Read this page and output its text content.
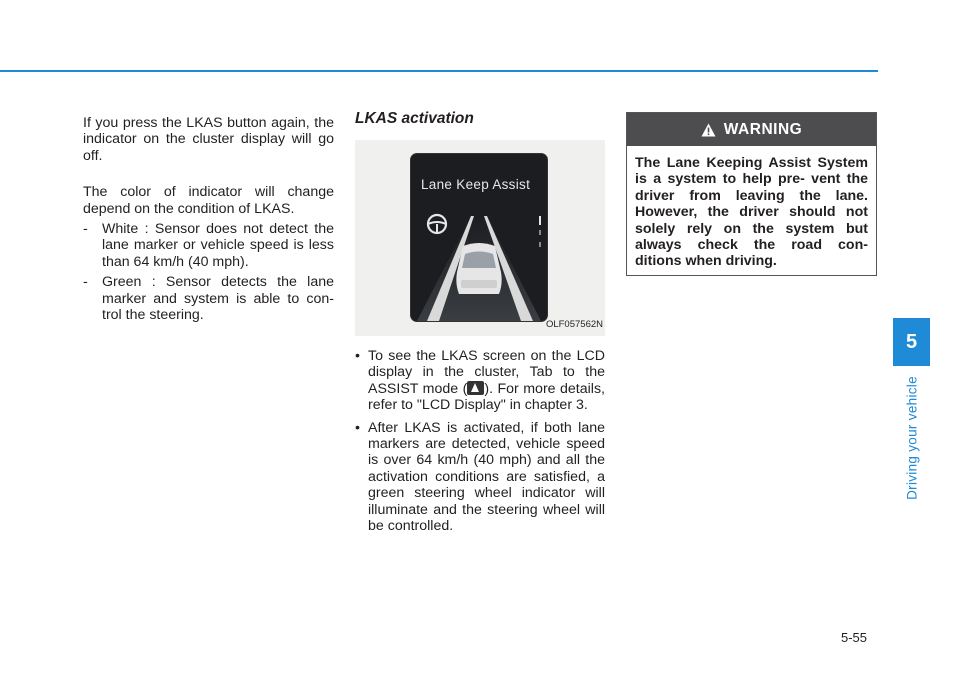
If you press the LKAS button again, the indicator on the cluster display will go off.

The color of indicator will change depend on the condition of LKAS.

- White : Sensor does not detect the lane marker or vehicle speed is less than 64 km/h (40 mph).
- Green : Sensor detects the lane marker and system is able to con- trol the steering.
LKAS activation
Lane Keep Assist
OLF057562N
• To see the LKAS screen on the LCD display in the cluster, Tab to the ASSIST mode ( ). For more details, refer to "LCD Display" in chapter 3.
• After LKAS is activated, if both lane markers are detected, vehicle speed is over 64 km/h (40 mph) and all the activation conditions are satisfied, a green steering wheel indicator will illuminate and the steering wheel will be controlled.
WARNING
The Lane Keeping Assist System is a system to help pre- vent the driver from leaving the lane. However, the driver should not solely rely on the system but always check the road con- ditions when driving.
5
Driving your vehicle
5-55
